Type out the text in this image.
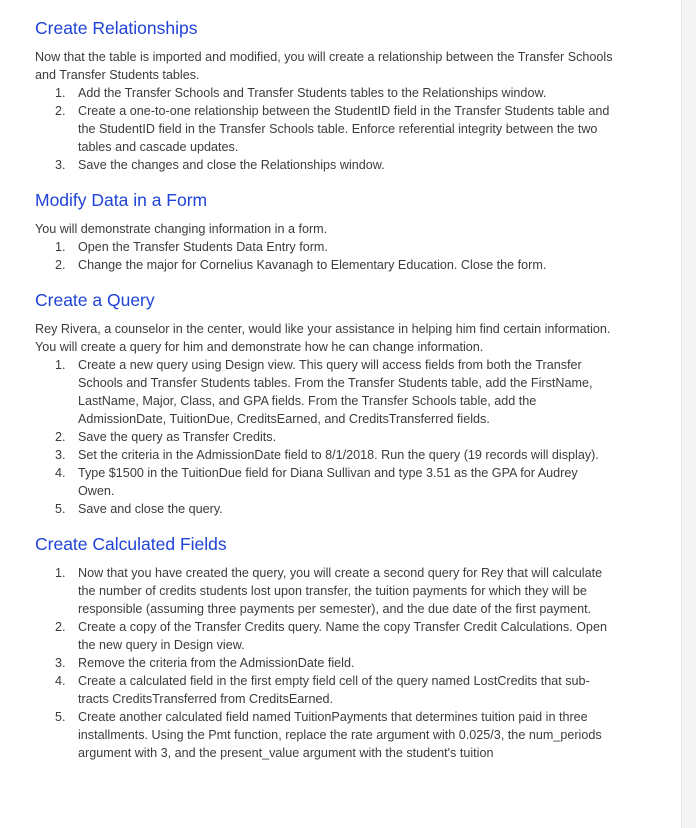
Create Relationships

Now that the table is imported and modified, you will create a relationship between the Transfer Schools and Transfer Students tables.

1. Add the Transfer Schools and Transfer Students tables to the Relationships window.
2. Create a one-to-one relationship between the StudentID field in the Transfer Students table and the StudentID field in the Transfer Schools table. Enforce referential integrity between the two tables and cascade updates.
3. Save the changes and close the Relationships window.
Modify Data in a Form

You will demonstrate changing information in a form.

1. Open the Transfer Students Data Entry form.
2. Change the major for Cornelius Kavanagh to Elementary Education. Close the form.
Create a Query

Rey Rivera, a counselor in the center, would like your assistance in helping him find certain information. You will create a query for him and demonstrate how he can change information.

1. Create a new query using Design view. This query will access fields from both the Transfer Schools and Transfer Students tables. From the Transfer Students table, add the FirstName, LastName, Major, Class, and GPA fields. From the Transfer Schools table, add the AdmissionDate, TuitionDue, CreditsEarned, and CreditsTransferred fields.
2. Save the query as Transfer Credits.
3. Set the criteria in the AdmissionDate field to 8/1/2018. Run the query (19 records will display).
4. Type $1500 in the TuitionDue field for Diana Sullivan and type 3.51 as the GPA for Audrey Owen.
5. Save and close the query.
Create Calculated Fields
1. Now that you have created the query, you will create a second query for Rey that will calculate the number of credits students lost upon transfer, the tuition payments for which they will be responsible (assuming three payments per semester), and the due date of the first payment.
2. Create a copy of the Transfer Credits query. Name the copy Transfer Credit Calculations. Open the new query in Design view.
3. Remove the criteria from the AdmissionDate field.
4. Create a calculated field in the first empty field cell of the query named LostCredits that sub- tracts CreditsTransferred from CreditsEarned.
5. Create another calculated field named TuitionPayments that determines tuition paid in three installments. Using the Pmt function, replace the rate argument with 0.025/3, the num_periods argument with 3, and the present_value argument with the student's tuition
